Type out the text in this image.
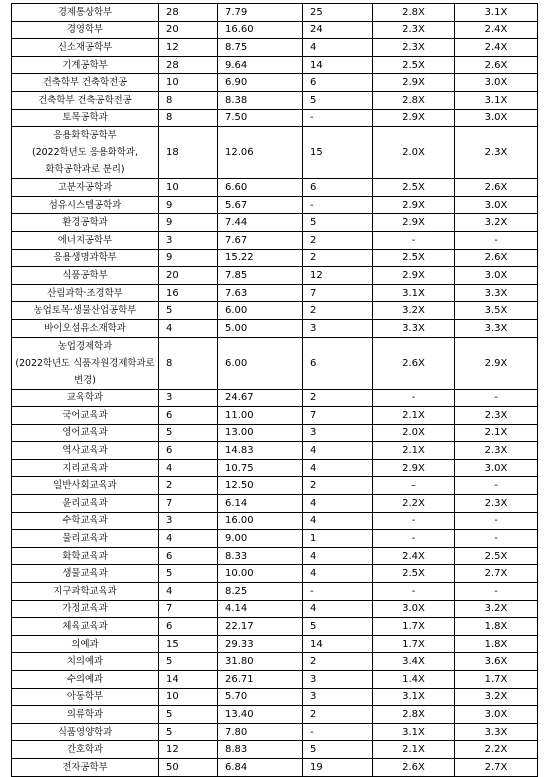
경제통상학부	28	7.79	25	2.8X	3.1X
경영학부	20	16.60	24	2.3X	2.4X
신소재공학부	12	8.75	4	2.3X	2.4X
기계공학부	28	9.64	14	2.5X	2.6X
건축학부 건축학전공	10	6.90	6	2.9X	3.0X
건축학부 건축공학전공	8	8.38	5	2.8X	3.1X
토목공학과	8	7.50	-	2.9X	3.0X
응용화학공학부
(2022학년도 응용화학과,
화학공학과로 분리)	18	12.06	15	2.0X	2.3X
고분자공학과	10	6.60	6	2.5X	2.6X
섬유시스템공학과	9	5.67	-	2.9X	3.0X
환경공학과	9	7.44	5	2.9X	3.2X
에너지공학부	3	7.67	2	-	-
응용생명과학부	9	15.22	2	2.5X	2.6X
식품공학부	20	7.85	12	2.9X	3.0X
산림과학·조경학부	16	7.63	7	3.1X	3.3X
농업토목·생물산업공학부	5	6.00	2	3.2X	3.5X
바이오섬유소재학과	4	5.00	3	3.3X	3.3X
농업경제학과
(2022학년도 식품자원경제학과로
변경)	8	6.00	6	2.6X	2.9X
교육학과	3	24.67	2	-	-
국어교육과	6	11.00	7	2.1X	2.3X
영어교육과	5	13.00	3	2.0X	2.1X
역사교육과	6	14.83	4	2.1X	2.3X
지리교육과	4	10.75	4	2.9X	3.0X
일반사회교육과	2	12.50	2	–	-
윤리교육과	7	6.14	4	2.2X	2.3X
수학교육과	3	16.00	4	-	-
물리교육과	4	9.00	1	-	-
화학교육과	6	8.33	4	2.4X	2.5X
생물교육과	5	10.00	4	2.5X	2.7X
지구과학교육과	4	8.25	-	-	-
가정교육과	7	4.14	4	3.0X	3.2X
체육교육과	6	22.17	5	1.7X	1.8X
의예과	15	29.33	14	1.7X	1.8X
치의예과	5	31.80	2	3.4X	3.6X
수의예과	14	26.71	3	1.4X	1.7X
아동학부	10	5.70	3	3.1X	3.2X
의류학과	5	13.40	2	2.8X	3.0X
식품영양학과	5	7.80	-	3.1X	3.3X
간호학과	12	8.83	5	2.1X	2.2X
전자공학부	50	6.84	19	2.6X	2.7X
